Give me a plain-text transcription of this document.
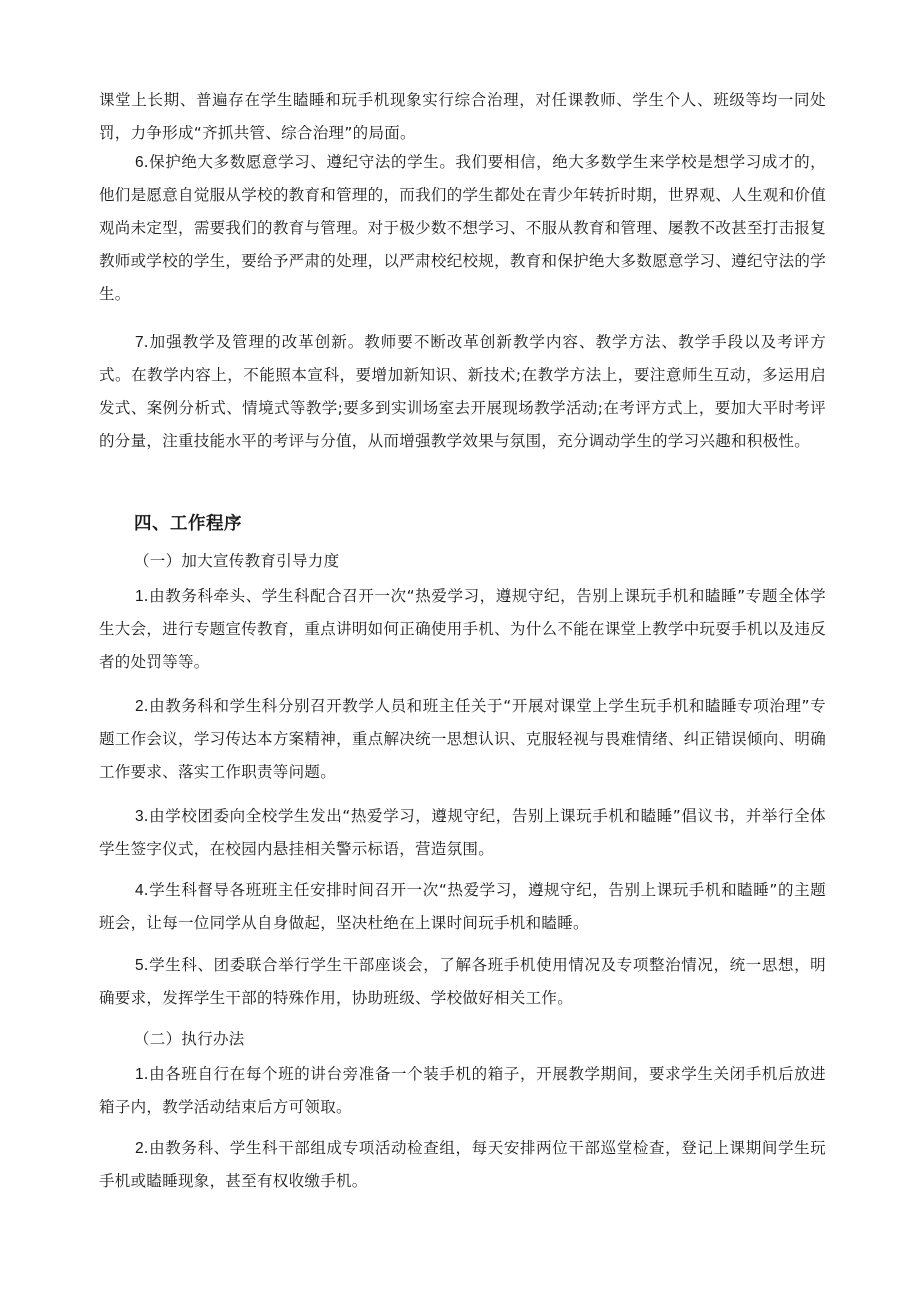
课堂上长期、普遍存在学生瞌睡和玩手机现象实行综合治理，对任课教师、学生个人、班级等均一同处罚，力争形成“齐抓共管、综合治理”的局面。

6.保护绝大多数愿意学习、遵纪守法的学生。我们要相信，绝大多数学生来学校是想学习成才的，他们是愿意自觉服从学校的教育和管理的，而我们的学生都处在青少年转折时期，世界观、人生观和价值观尚未定型，需要我们的教育与管理。对于极少数不想学习、不服从教育和管理、屡教不改甚至打击报复教师或学校的学生，要给予严肃的处理，以严肃校纪校规，教育和保护绝大多数愿意学习、遵纪守法的学生。

7.加强教学及管理的改革创新。教师要不断改革创新教学内容、教学方法、教学手段以及考评方式。在教学内容上，不能照本宣科，要增加新知识、新技术;在教学方法上，要注意师生互动，多运用启发式、案例分析式、情境式等教学;要多到实训场室去开展现场教学活动;在考评方式上，要加大平时考评的分量，注重技能水平的考评与分值，从而增强教学效果与氛围，充分调动学生的学习兴趣和积极性。

四、工作程序

（一）加大宣传教育引导力度

1.由教务科牵头、学生科配合召开一次“热爱学习，遵规守纪，告别上课玩手机和瞌睡”专题全体学生大会，进行专题宣传教育，重点讲明如何正确使用手机、为什么不能在课堂上教学中玩耍手机以及违反者的处罚等等。

2.由教务科和学生科分别召开教学人员和班主任关于“开展对课堂上学生玩手机和瞌睡专项治理”专题工作会议，学习传达本方案精神，重点解决统一思想认识、克服轻视与畏难情绪、纠正错误倾向、明确工作要求、落实工作职责等问题。

3.由学校团委向全校学生发出“热爱学习，遵规守纪，告别上课玩手机和瞌睡”倡议书，并举行全体学生签字仪式，在校园内悬挂相关警示标语，营造氛围。

4.学生科督导各班班主任安排时间召开一次“热爱学习，遵规守纪，告别上课玩手机和瞌睡”的主题班会，让每一位同学从自身做起，坚决杜绝在上课时间玩手机和瞌睡。

5.学生科、团委联合举行学生干部座谈会，了解各班手机使用情况及专项整治情况，统一思想，明确要求，发挥学生干部的特殊作用，协助班级、学校做好相关工作。

（二）执行办法

1.由各班自行在每个班的讲台旁准备一个装手机的箱子，开展教学期间，要求学生关闭手机后放进箱子内，教学活动结束后方可领取。

2.由教务科、学生科干部组成专项活动检查组，每天安排两位干部巡堂检查，登记上课期间学生玩手机或瞌睡现象，甚至有权收缴手机。
